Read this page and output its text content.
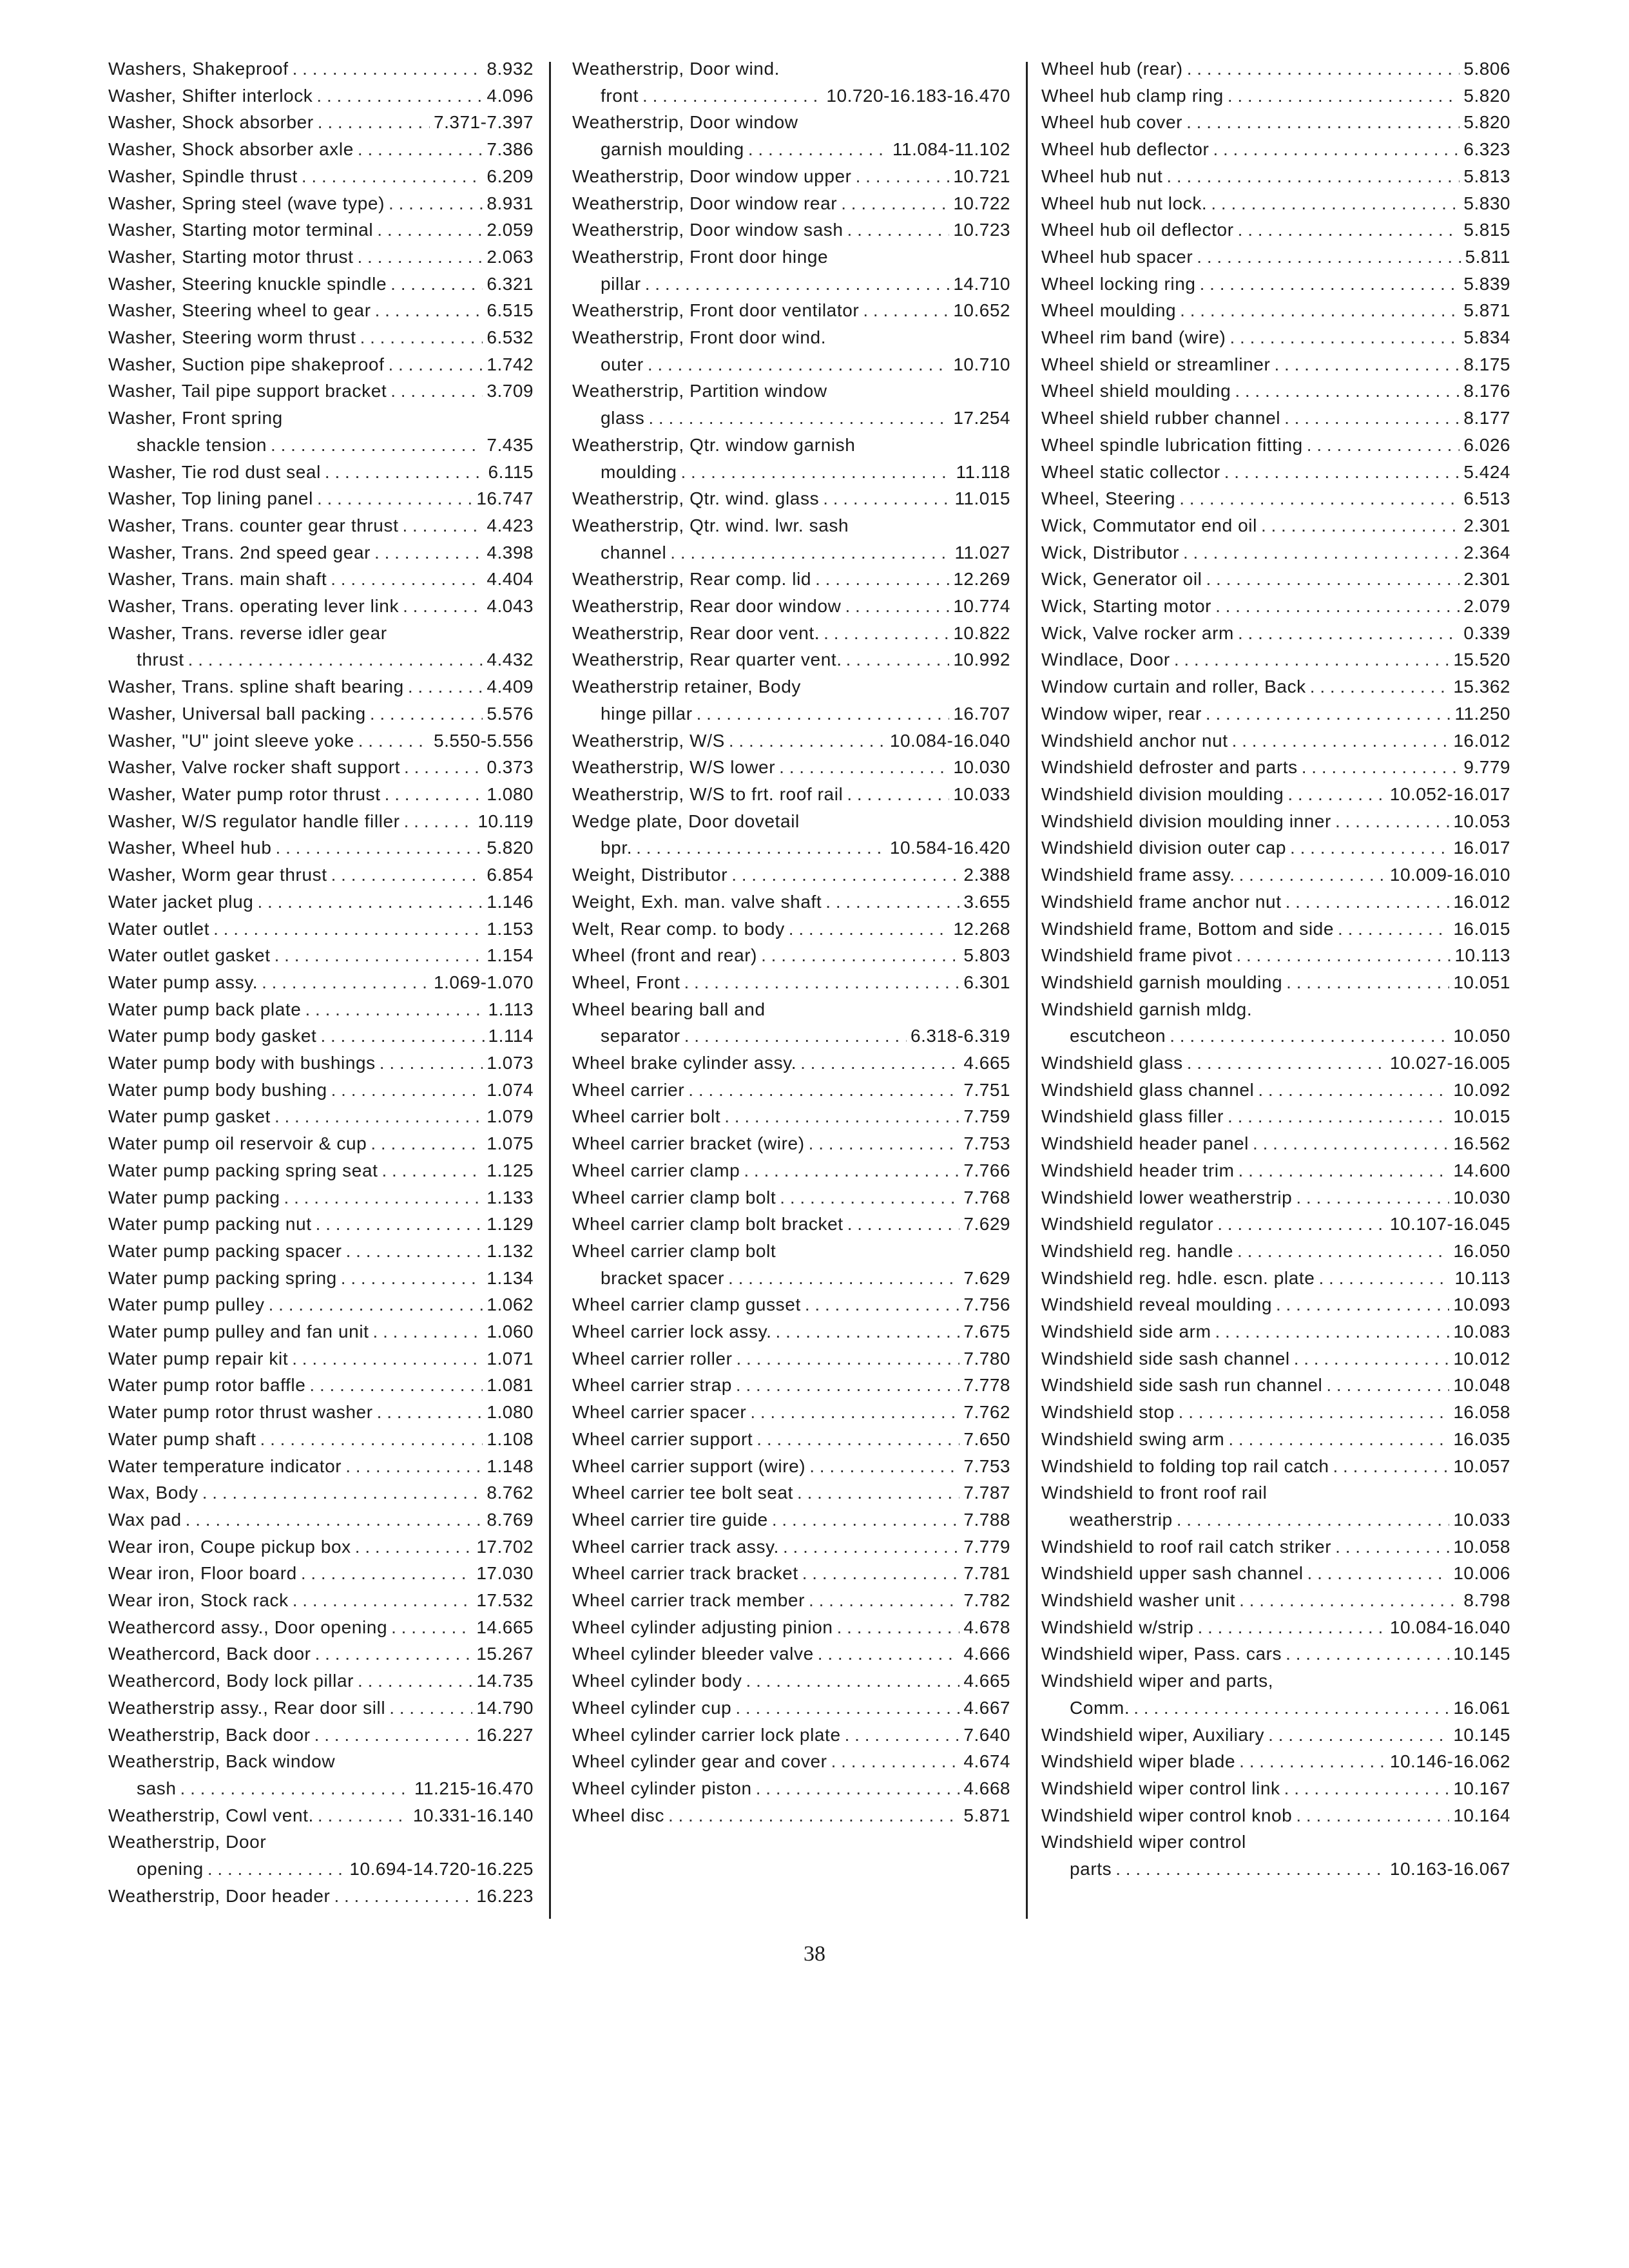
Washers, Shakeproof . . .	8.932
Washer, Shifter interlock . . .	4.096
Washer, Shock absorber . . .	7.371-7.397
Washer, Shock absorber axle . . .	7.386
Washer, Spindle thrust . . .	6.209
Washer, Spring steel (wave type) . . .	8.931
Washer, Starting motor terminal . . .	2.059
Washer, Starting motor thrust . . .	2.063
Washer, Steering knuckle spindle . . .	6.321
Washer, Steering wheel to gear . . .	6.515
Washer, Steering worm thrust . . .	6.532
Washer, Suction pipe shakeproof . . .	1.742
Washer, Tail pipe support bracket . . .	3.709
Washer, Front spring
shackle tension . . .	7.435
Washer, Tie rod dust seal . . .	6.115
Washer, Top lining panel . . .	16.747
Washer, Trans. counter gear thrust . . .	4.423
Washer, Trans. 2nd speed gear . . .	4.398
Washer, Trans. main shaft . . .	4.404
Washer, Trans. operating lever link . . .	4.043
Washer, Trans. reverse idler gear
thrust . . .	4.432
Washer, Trans. spline shaft bearing . . .	4.409
Washer, Universal ball packing . . .	5.576
Washer, "U" joint sleeve yoke . . .	5.550-5.556
Washer, Valve rocker shaft support . . .	0.373
Washer, Water pump rotor thrust . . .	1.080
Washer, W/S regulator handle filler . . .	10.119
Washer, Wheel hub . . .	5.820
Washer, Worm gear thrust . . .	6.854
Water jacket plug . . .	1.146
Water outlet . . .	1.153
Water outlet gasket . . .	1.154
Water pump assy. . . .	1.069-1.070
Water pump back plate . . .	1.113
Water pump body gasket . . .	1.114
Water pump body with bushings . . .	1.073
Water pump body bushing . . .	1.074
Water pump gasket . . .	1.079
Water pump oil reservoir & cup . . .	1.075
Water pump packing spring seat . . .	1.125
Water pump packing . . .	1.133
Water pump packing nut . . .	1.129
Water pump packing spacer . . .	1.132
Water pump packing spring . . .	1.134
Water pump pulley . . .	1.062
Water pump pulley and fan unit . . .	1.060
Water pump repair kit . . .	1.071
Water pump rotor baffle . . .	1.081
Water pump rotor thrust washer . . .	1.080
Water pump shaft . . .	1.108
Water temperature indicator . . .	1.148
Wax, Body . . .	8.762
Wax pad . . .	8.769
Wear iron, Coupe pickup box . . .	17.702
Wear iron, Floor board . . .	17.030
Wear iron, Stock rack . . .	17.532
Weathercord assy., Door opening . . .	14.665
Weathercord, Back door . . .	15.267
Weathercord, Body lock pillar . . .	14.735
Weatherstrip assy., Rear door sill . . .	14.790
Weatherstrip, Back door . . .	16.227
Weatherstrip, Back window
sash . . .	11.215-16.470
Weatherstrip, Cowl vent. . . .	10.331-16.140
Weatherstrip, Door
opening . . .	10.694-14.720-16.225
Weatherstrip, Door header . . .	16.223
Weatherstrip, Door wind.
front . . .	10.720-16.183-16.470
Weatherstrip, Door window
garnish moulding . . .	11.084-11.102
Weatherstrip, Door window upper . . .	10.721
Weatherstrip, Door window rear . . .	10.722
Weatherstrip, Door window sash . . .	10.723
Weatherstrip, Front door hinge
pillar . . .	14.710
Weatherstrip, Front door ventilator . . .	10.652
Weatherstrip, Front door wind.
outer . . .	10.710
Weatherstrip, Partition window
glass . . .	17.254
Weatherstrip, Qtr. window garnish
moulding . . .	11.118
Weatherstrip, Qtr. wind. glass . . .	11.015
Weatherstrip, Qtr. wind. lwr. sash
channel . . .	11.027
Weatherstrip, Rear comp. lid . . .	12.269
Weatherstrip, Rear door window . . .	10.774
Weatherstrip, Rear door vent. . . .	10.822
Weatherstrip, Rear quarter vent. . . .	10.992
Weatherstrip retainer, Body
hinge pillar . . .	16.707
Weatherstrip, W/S . . .	10.084-16.040
Weatherstrip, W/S lower . . .	10.030
Weatherstrip, W/S to frt. roof rail . . .	10.033
Wedge plate, Door dovetail
bpr. . . .	10.584-16.420
Weight, Distributor . . .	2.388
Weight, Exh. man. valve shaft . . .	3.655
Welt, Rear comp. to body . . .	12.268
Wheel (front and rear) . . .	5.803
Wheel, Front . . .	6.301
Wheel bearing ball and
separator . . .	6.318-6.319
Wheel brake cylinder assy. . . .	4.665
Wheel carrier . . .	7.751
Wheel carrier bolt . . .	7.759
Wheel carrier bracket (wire) . . .	7.753
Wheel carrier clamp . . .	7.766
Wheel carrier clamp bolt . . .	7.768
Wheel carrier clamp bolt bracket . . .	7.629
Wheel carrier clamp bolt
bracket spacer . . .	7.629
Wheel carrier clamp gusset . . .	7.756
Wheel carrier lock assy. . . .	7.675
Wheel carrier roller . . .	7.780
Wheel carrier strap . . .	7.778
Wheel carrier spacer . . .	7.762
Wheel carrier support . . .	7.650
Wheel carrier support (wire) . . .	7.753
Wheel carrier tee bolt seat . . .	7.787
Wheel carrier tire guide . . .	7.788
Wheel carrier track assy. . . .	7.779
Wheel carrier track bracket . . .	7.781
Wheel carrier track member . . .	7.782
Wheel cylinder adjusting pinion . . .	4.678
Wheel cylinder bleeder valve . . .	4.666
Wheel cylinder body . . .	4.665
Wheel cylinder cup . . .	4.667
Wheel cylinder carrier lock plate . . .	7.640
Wheel cylinder gear and cover . . .	4.674
Wheel cylinder piston . . .	4.668
Wheel disc . . .	5.871
Wheel hub (rear) . . .	5.806
Wheel hub clamp ring . . .	5.820
Wheel hub cover . . .	5.820
Wheel hub deflector . . .	6.323
Wheel hub nut . . .	5.813
Wheel hub nut lock. . . .	5.830
Wheel hub oil deflector . . .	5.815
Wheel hub spacer . . .	5.811
Wheel locking ring . . .	5.839
Wheel moulding . . .	5.871
Wheel rim band (wire) . . .	5.834
Wheel shield or streamliner . . .	8.175
Wheel shield moulding . . .	8.176
Wheel shield rubber channel . . .	8.177
Wheel spindle lubrication fitting . . .	6.026
Wheel static collector . . .	5.424
Wheel, Steering . . .	6.513
Wick, Commutator end oil . . .	2.301
Wick, Distributor . . .	2.364
Wick, Generator oil . . .	2.301
Wick, Starting motor . . .	2.079
Wick, Valve rocker arm . . .	0.339
Windlace, Door . . .	15.520
Window curtain and roller, Back . . .	15.362
Window wiper, rear . . .	11.250
Windshield anchor nut . . .	16.012
Windshield defroster and parts . . .	9.779
Windshield division moulding . . .	10.052-16.017
Windshield division moulding inner . . .	10.053
Windshield division outer cap . . .	16.017
Windshield frame assy. . . .	10.009-16.010
Windshield frame anchor nut . . .	16.012
Windshield frame, Bottom and side . . .	16.015
Windshield frame pivot . . .	10.113
Windshield garnish moulding . . .	10.051
Windshield garnish mldg.
escutcheon . . .	10.050
Windshield glass . . .	10.027-16.005
Windshield glass channel . . .	10.092
Windshield glass filler . . .	10.015
Windshield header panel . . .	16.562
Windshield header trim . . .	14.600
Windshield lower weatherstrip . . .	10.030
Windshield regulator . . .	10.107-16.045
Windshield reg. handle . . .	16.050
Windshield reg. hdle. escn. plate . . .	10.113
Windshield reveal moulding . . .	10.093
Windshield side arm . . .	10.083
Windshield side sash channel . . .	10.012
Windshield side sash run channel . . .	10.048
Windshield stop . . .	16.058
Windshield swing arm . . .	16.035
Windshield to folding top rail catch . . .	10.057
Windshield to front roof rail
weatherstrip . . .	10.033
Windshield to roof rail catch striker . . .	10.058
Windshield upper sash channel . . .	10.006
Windshield washer unit . . .	8.798
Windshield w/strip . . .	10.084-16.040
Windshield wiper, Pass. cars . . .	10.145
Windshield wiper and parts,
Comm. . . .	16.061
Windshield wiper, Auxiliary . . .	10.145
Windshield wiper blade . . .	10.146-16.062
Windshield wiper control link . . .	10.167
Windshield wiper control knob . . .	10.164
Windshield wiper control
parts . . .	10.163-16.067
38
